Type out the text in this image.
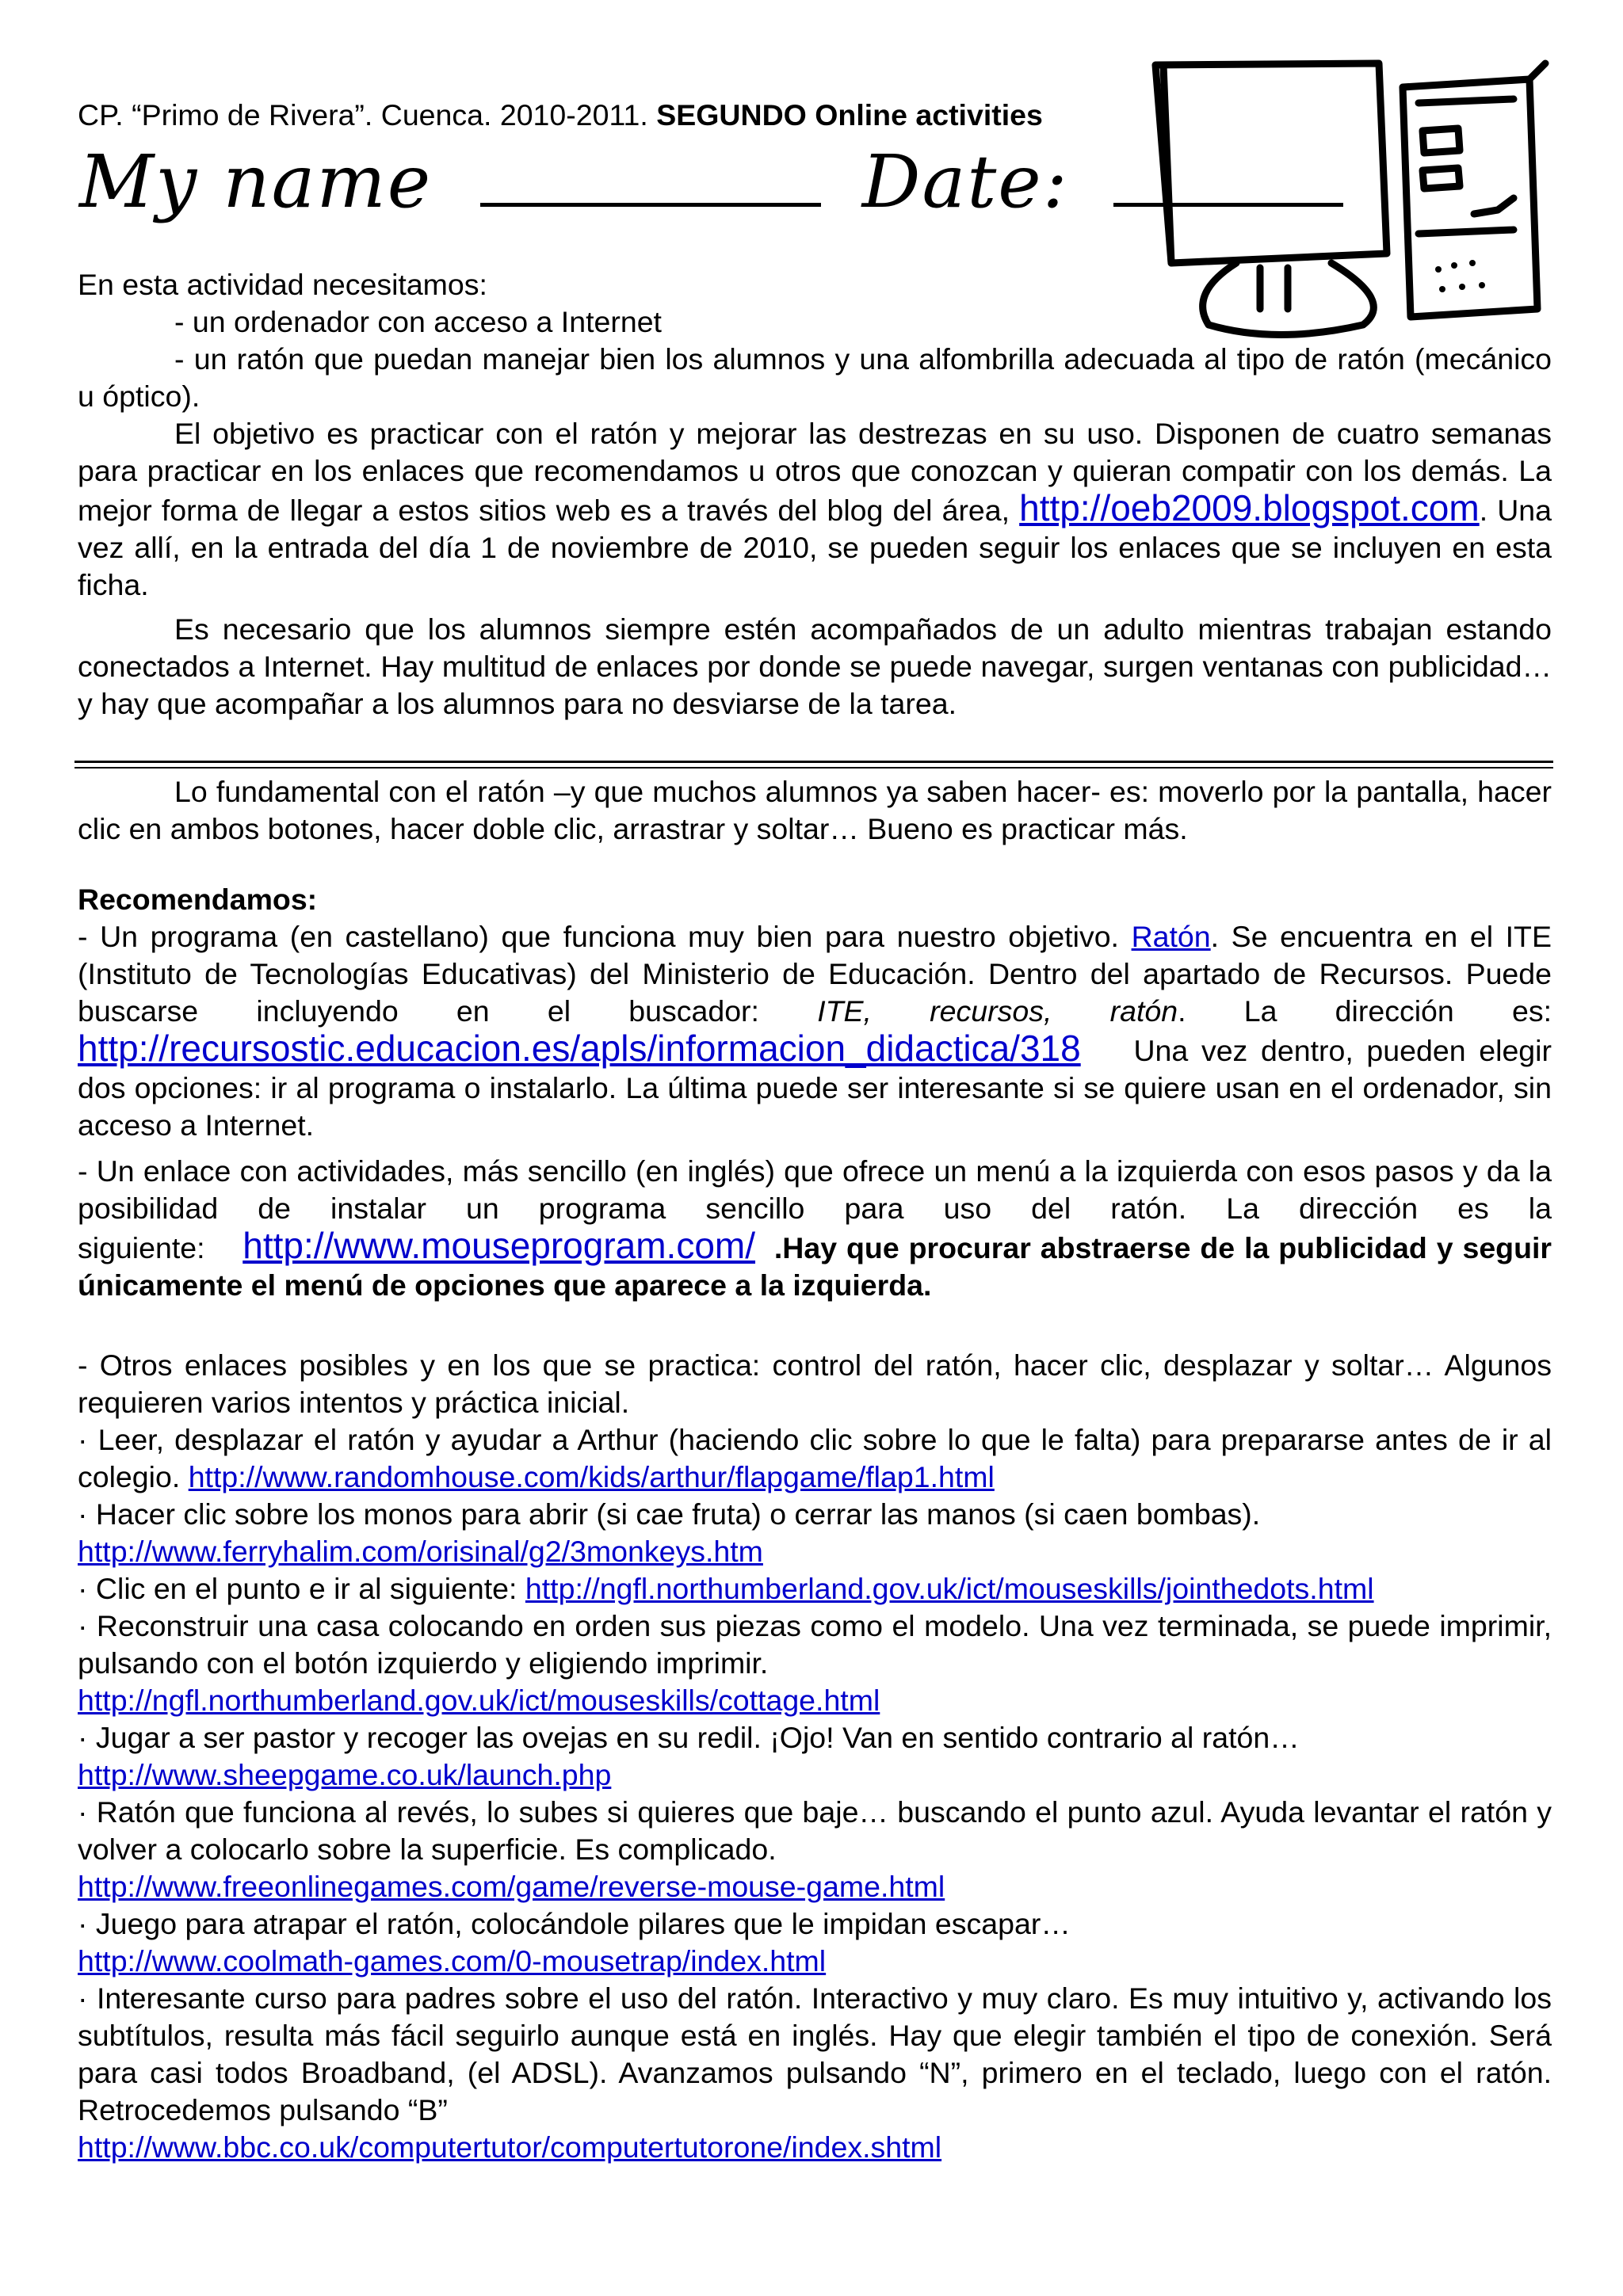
CP. “Primo de Rivera”. Cuenca. 2010-2011. SEGUNDO Online activities
My name	Date:

En esta actividad necesitamos:

- un ordenador con acceso a Internet

- un ratón que puedan manejar bien los alumnos y una alfombrilla adecuada al tipo de ratón (mecánico u óptico).

El objetivo es practicar con el ratón y mejorar las destrezas en su uso. Disponen de cuatro semanas para practicar en los enlaces que recomendamos u otros que conozcan y quieran compatir con los demás. La mejor forma de llegar a estos sitios web es a través del blog del área, http://oeb2009.blogspot.com. Una vez allí, en la entrada del día 1 de noviembre de 2010, se pueden seguir los enlaces que se incluyen en esta ficha.

Es necesario que los alumnos siempre estén acompañados de un adulto mientras trabajan estando conectados a Internet. Hay multitud de enlaces por donde se puede navegar, surgen ventanas con publicidad… y hay que acompañar a los alumnos para no desviarse de la tarea.

Lo fundamental con el ratón –y que muchos alumnos ya saben hacer- es: moverlo por la pantalla, hacer clic en ambos botones, hacer doble clic, arrastrar y soltar… Bueno es practicar más.

Recomendamos:

- Un programa (en castellano) que funciona muy bien para nuestro objetivo. Ratón. Se encuentra en el ITE (Instituto de Tecnologías Educativas) del Ministerio de Educación. Dentro del apartado de Recursos. Puede buscarse incluyendo en el buscador: ITE, recursos, ratón. La dirección es: http://recursostic.educacion.es/apls/informacion_didactica/318 Una vez dentro, pueden elegir dos opciones: ir al programa o instalarlo. La última puede ser interesante si se quiere usan en el ordenador, sin acceso a Internet.

- Un enlace con actividades, más sencillo (en inglés) que ofrece un menú a la izquierda con esos pasos y da la posibilidad de instalar un programa sencillo para uso del ratón. La dirección es la siguiente: http://www.mouseprogram.com/ .Hay que procurar abstraerse de la publicidad y seguir únicamente el menú de opciones que aparece a la izquierda.

- Otros enlaces posibles y en los que se practica: control del ratón, hacer clic, desplazar y soltar… Algunos requieren varios intentos y práctica inicial.

· Leer, desplazar el ratón y ayudar a Arthur (haciendo clic sobre lo que le falta) para prepararse antes de ir al colegio. http://www.randomhouse.com/kids/arthur/flapgame/flap1.html

· Hacer clic sobre los monos para abrir (si cae fruta) o cerrar las manos (si caen bombas).
http://www.ferryhalim.com/orisinal/g2/3monkeys.htm

· Clic en el punto e ir al siguiente: http://ngfl.northumberland.gov.uk/ict/mouseskills/jointhedots.html

· Reconstruir una casa colocando en orden sus piezas como el modelo. Una vez terminada, se puede imprimir, pulsando con el botón izquierdo y eligiendo imprimir.
http://ngfl.northumberland.gov.uk/ict/mouseskills/cottage.html

· Jugar a ser pastor y recoger las ovejas en su redil. ¡Ojo! Van en sentido contrario al ratón…
http://www.sheepgame.co.uk/launch.php

· Ratón que funciona al revés, lo subes si quieres que baje… buscando el punto azul. Ayuda levantar el ratón y volver a colocarlo sobre la superficie. Es complicado.
http://www.freeonlinegames.com/game/reverse-mouse-game.html

· Juego para atrapar el ratón, colocándole pilares que le impidan escapar…
http://www.coolmath-games.com/0-mousetrap/index.html

· Interesante curso para padres sobre el uso del ratón. Interactivo y muy claro. Es muy intuitivo y, activando los subtítulos, resulta más fácil seguirlo aunque está en inglés. Hay que elegir también el tipo de conexión. Será para casi todos Broadband, (el ADSL). Avanzamos pulsando “N”, primero en el teclado, luego con el ratón. Retrocedemos pulsando “B”
http://www.bbc.co.uk/computertutor/computertutorone/index.shtml
